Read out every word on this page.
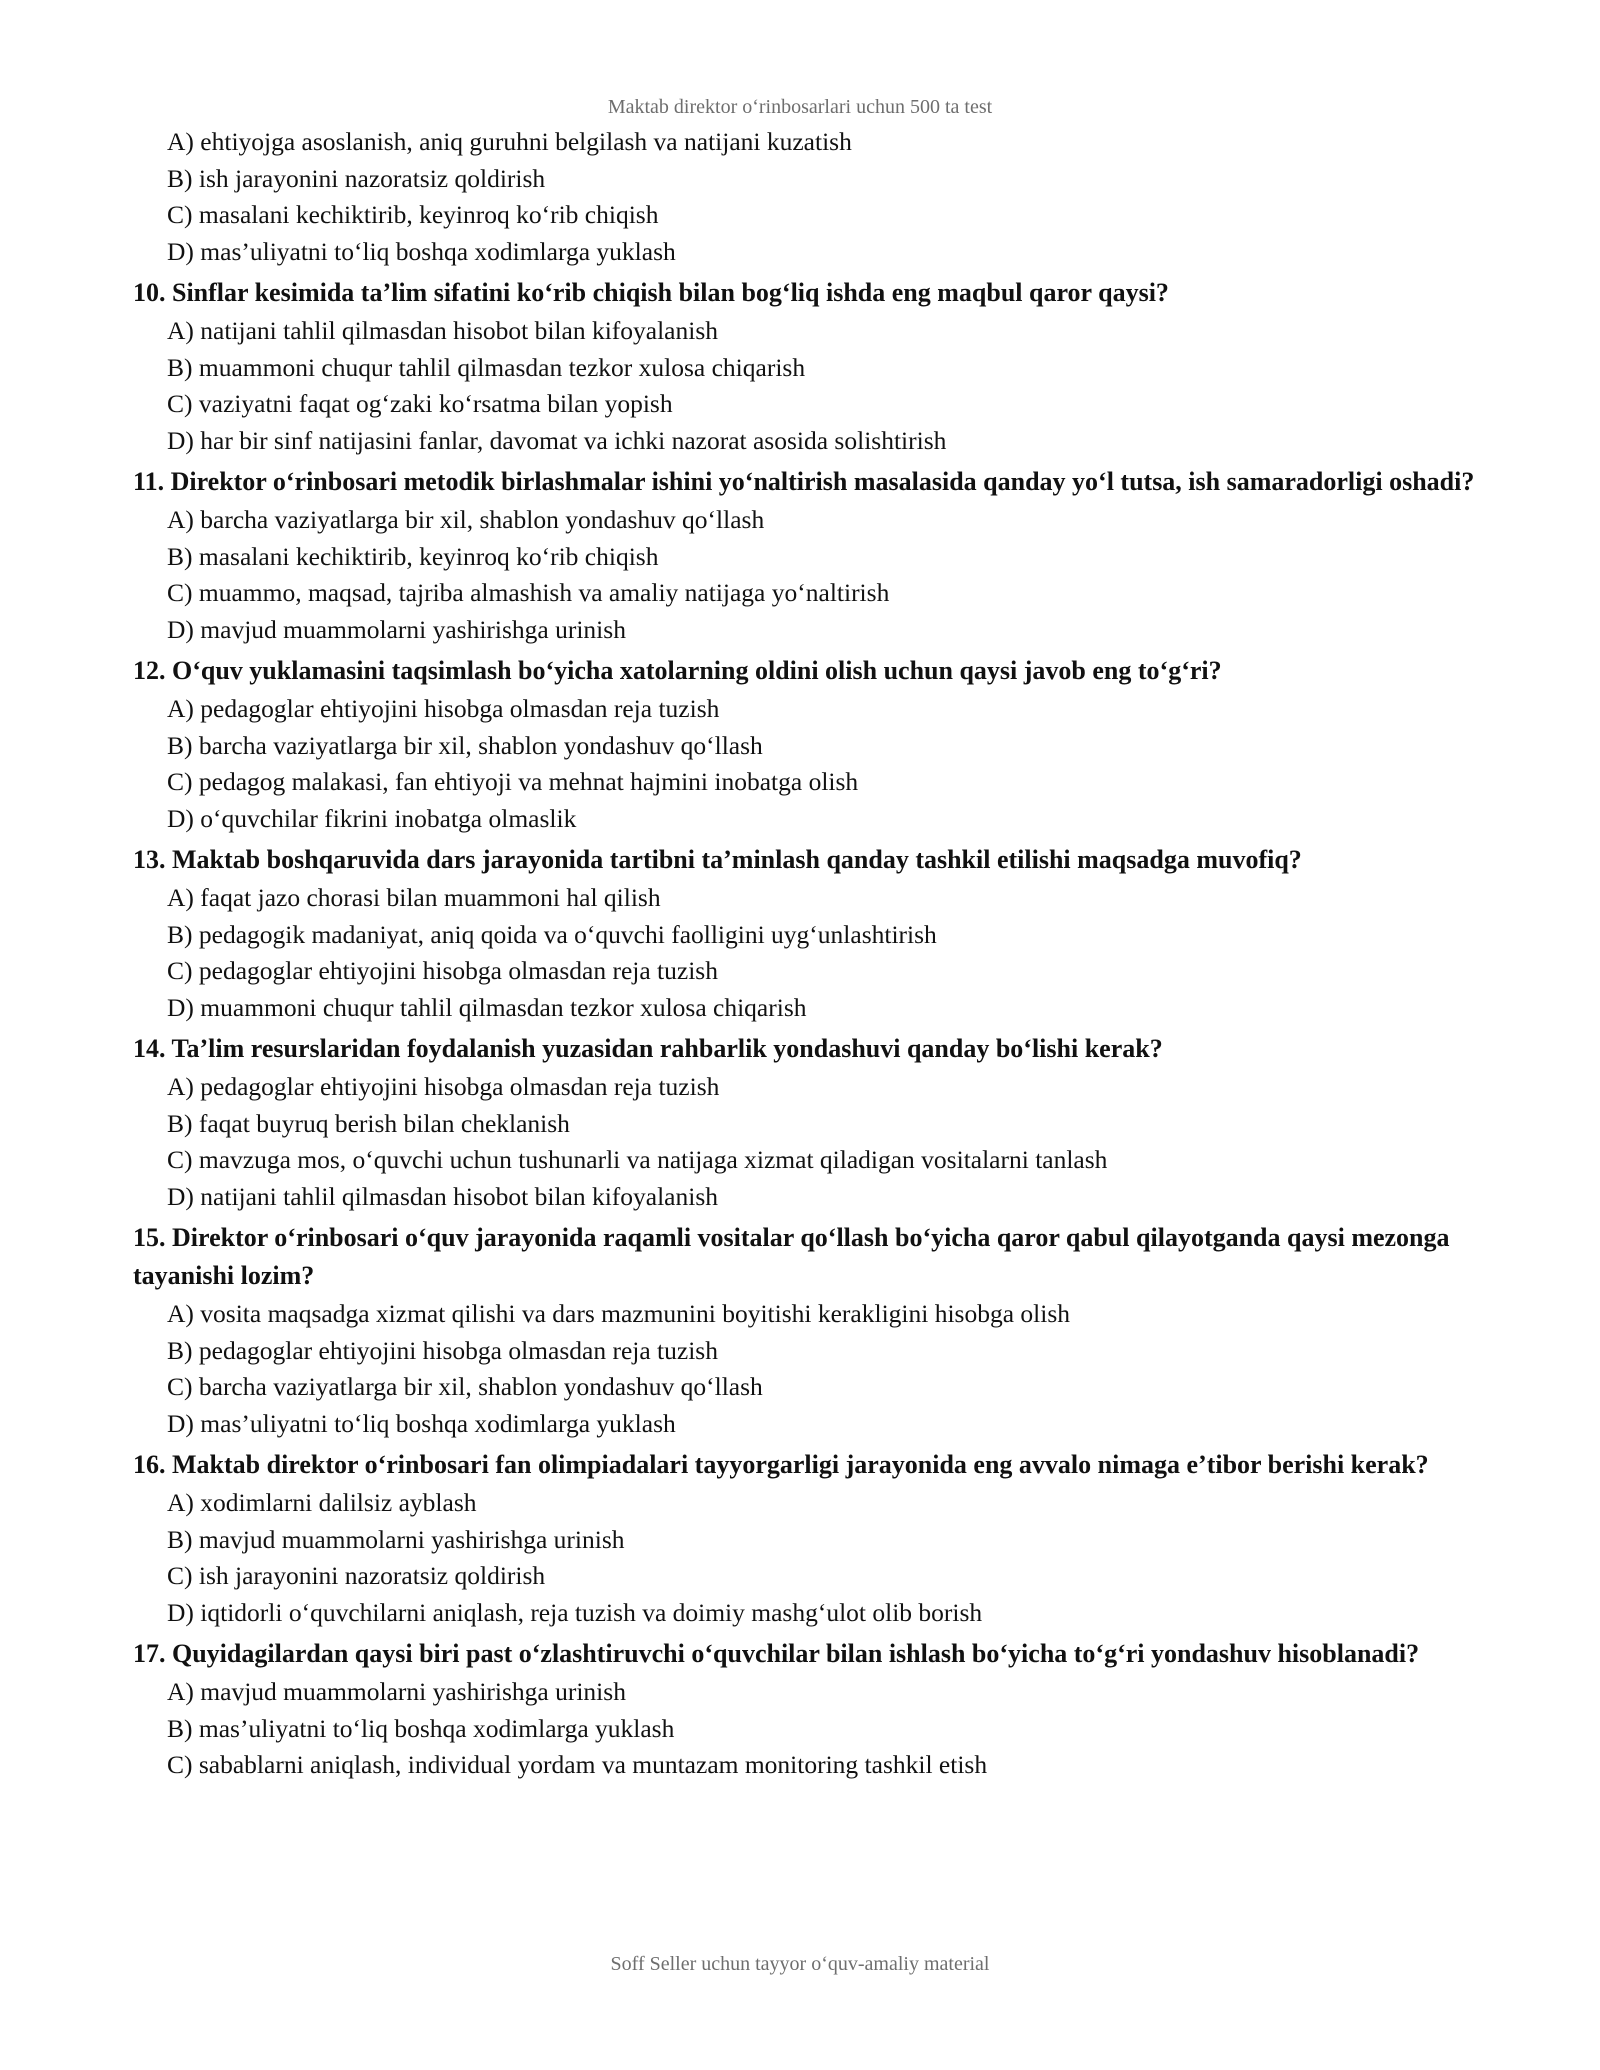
Maktab direktor o‘rinbosarlari uchun 500 ta test
A) ehtiyojga asoslanish, aniq guruhni belgilash va natijani kuzatish
B) ish jarayonini nazoratsiz qoldirish
C) masalani kechiktirib, keyinroq ko‘rib chiqish
D) mas’uliyatni to‘liq boshqa xodimlarga yuklash
10. Sinflar kesimida ta’lim sifatini ko‘rib chiqish bilan bog‘liq ishda eng maqbul qaror qaysi?
A) natijani tahlil qilmasdan hisobot bilan kifoyalanish
B) muammoni chuqur tahlil qilmasdan tezkor xulosa chiqarish
C) vaziyatni faqat og‘zaki ko‘rsatma bilan yopish
D) har bir sinf natijasini fanlar, davomat va ichki nazorat asosida solishtirish
11. Direktor o‘rinbosari metodik birlashmalar ishini yo‘naltirish masalasida qanday yo‘l tutsa, ish samaradorligi oshadi?
A) barcha vaziyatlarga bir xil, shablon yondashuv qo‘llash
B) masalani kechiktirib, keyinroq ko‘rib chiqish
C) muammo, maqsad, tajriba almashish va amaliy natijaga yo‘naltirish
D) mavjud muammolarni yashirishga urinish
12. O‘quv yuklamasini taqsimlash bo‘yicha xatolarning oldini olish uchun qaysi javob eng to‘g‘ri?
A) pedagoglar ehtiyojini hisobga olmasdan reja tuzish
B) barcha vaziyatlarga bir xil, shablon yondashuv qo‘llash
C) pedagog malakasi, fan ehtiyoji va mehnat hajmini inobatga olish
D) o‘quvchilar fikrini inobatga olmaslik
13. Maktab boshqaruvida dars jarayonida tartibni ta’minlash qanday tashkil etilishi maqsadga muvofiq?
A) faqat jazo chorasi bilan muammoni hal qilish
B) pedagogik madaniyat, aniq qoida va o‘quvchi faolligini uyg‘unlashtirish
C) pedagoglar ehtiyojini hisobga olmasdan reja tuzish
D) muammoni chuqur tahlil qilmasdan tezkor xulosa chiqarish
14. Ta’lim resurslaridan foydalanish yuzasidan rahbarlik yondashuvi qanday bo‘lishi kerak?
A) pedagoglar ehtiyojini hisobga olmasdan reja tuzish
B) faqat buyruq berish bilan cheklanish
C) mavzuga mos, o‘quvchi uchun tushunarli va natijaga xizmat qiladigan vositalarni tanlash
D) natijani tahlil qilmasdan hisobot bilan kifoyalanish
15. Direktor o‘rinbosari o‘quv jarayonida raqamli vositalar qo‘llash bo‘yicha qaror qabul qilayotganda qaysi mezonga tayanishi lozim?
A) vosita maqsadga xizmat qilishi va dars mazmunini boyitishi kerakligini hisobga olish
B) pedagoglar ehtiyojini hisobga olmasdan reja tuzish
C) barcha vaziyatlarga bir xil, shablon yondashuv qo‘llash
D) mas’uliyatni to‘liq boshqa xodimlarga yuklash
16. Maktab direktor o‘rinbosari fan olimpiadalari tayyorgarligi jarayonida eng avvalo nimaga e’tibor berishi kerak?
A) xodimlarni dalilsiz ayblash
B) mavjud muammolarni yashirishga urinish
C) ish jarayonini nazoratsiz qoldirish
D) iqtidorli o‘quvchilarni aniqlash, reja tuzish va doimiy mashg‘ulot olib borish
17. Quyidagilardan qaysi biri past o‘zlashtiruvchi o‘quvchilar bilan ishlash bo‘yicha to‘g‘ri yondashuv hisoblanadi?
A) mavjud muammolarni yashirishga urinish
B) mas’uliyatni to‘liq boshqa xodimlarga yuklash
C) sabablarni aniqlash, individual yordam va muntazam monitoring tashkil etish
Soff Seller uchun tayyor o‘quv-amaliy material
